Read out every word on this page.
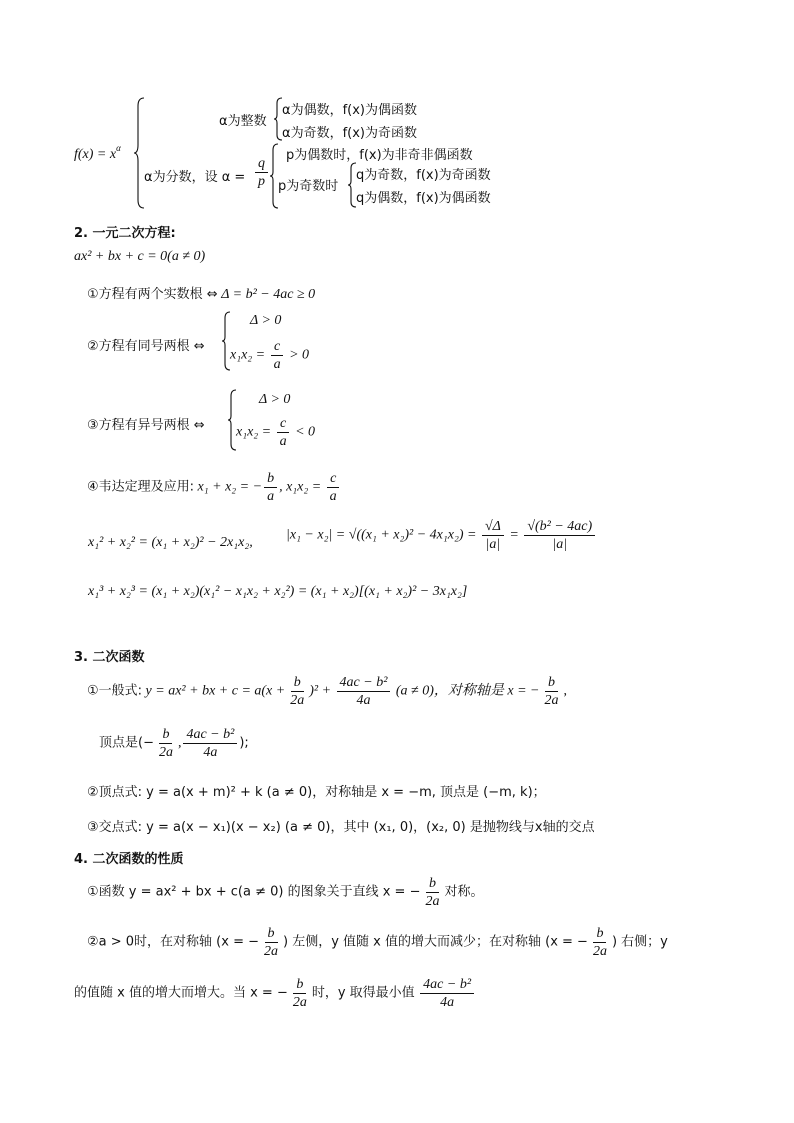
$f(x) = x^\alpha$
α为整数
α为偶数，f(x)为偶函数
α为奇数，f(x)为奇函数
α为分数，设 $\alpha = \frac{q}{p}$ p为偶数时，f(x)为非奇非偶函数
p为奇数时
q为奇数，f(x)为奇函数
q为偶数，f(x)为偶函数
2. 一元二次方程:
ax² + bx + c = 0(a ≠ 0)
①方程有两个实数根 ⇔ Δ = b² − 4ac ≥ 0
②方程有同号两根 ⇔
Δ > 0
$x_1x_2 = \frac{c}{a} > 0$
③方程有异号两根 ⇔
Δ > 0
$x_1x_2 = \frac{c}{a} < 0$
④韦达定理及应用: x₁ + x₂ = − $\frac{b}{a}$ , $x_1x_2 = \frac{c}{a}$
x₁² + x₂² = (x₁ + x₂)² − 2x₁x₂, $|x_1 - x_2| = √((x_1 + x_2)^2 - 4x_1x_2) = \frac{√\Delta}{|a|} = \frac{\text{√(b² − 4ac)}}{|a|}$
x₁³ + x₂³ = (x₁ + x₂)(x₁² − x₁x₂ + x₂²) = (x₁ + x₂)[(x₁ + x₂)² − 3x₁x₂]
3. 二次函数
①一般式: y = ax² + bx + $c = a(x + \frac{b}{2a} )^2 + \frac{\text{4ac − b²}}{4a} (a \ne 0)$，对称轴是 x = − $\frac{b}{2a}$ ,
顶点是(− $\frac{b}{2a}$ , $\frac{\text{4ac − b²}}{4a}$ );
②顶点式: y = a(x + m)² + k (a ≠ 0)，对称轴是 x = −m, 顶点是 (−m, k)；
③交点式: y = a(x − x₁)(x − x₂) (a ≠ 0)，其中 (x₁, 0)，(x₂, 0) 是抛物线与x轴的交点
4. 二次函数的性质
①函数 y = ax² + bx + c(a ≠ 0) 的图象关于直线 x = − $\frac{b}{2a}$ 对称。
②a > 0时，在对称轴 (x = − $\frac{b}{2a}$ ) 左侧，y 值随 x 值的增大而减少；在对称轴 (x = − $\frac{b}{2a}$ ) 右侧；y
的值随 x 值的增大而增大。当 x = − $\frac{b}{2a}$ 时，y 取得最小值 $\frac{\text{4ac − b²}}{4a}$
